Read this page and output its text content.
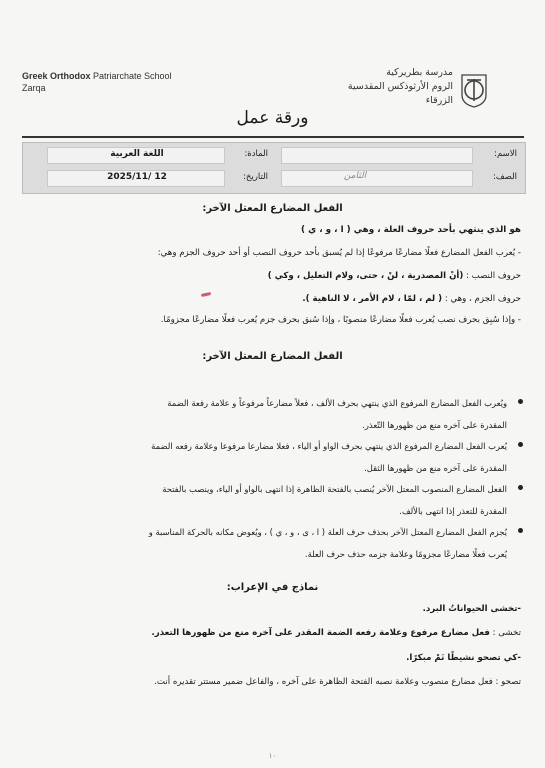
Greek Orthodox Patriarchate School
Zarqa
مدرسة بطريركية
الروم الأرثوذكس المقدسية
الزرقاء
ورقة عمل
الاسم:
المادة:
اللغة العربية
الصف:
الثامن
التاريخ:
2025/11/ 12
الفعل المضارع المعتل الآخر:
هو الذي ينتهي بأحد حروف العلة ، وهي ( ا ، و ، ي )
- يُعرب الفعل المضارع فعلًا مضارعًا مرفوعًا إذا لم يُسبق بأحد حروف النصب أو أحد حروف الجزم وهي:
حروف النصب : (أنْ المصدرية ، لنْ ، حتى، ولام التعليل ، وكي )
حروف الجزم ، وهي : ( لم ، لمّا ، لام الأمر ، لا الناهية ).
- وإذا سُبِق بحرف نصب يُعرب فعلًا مضارعًا منصوبًا ، وإذا سُبق بحرف جزم يُعرب فعلًا مضارعًا مجزومًا.
الفعل المضارع المعتل الآخر:
ويُعرب الفعل المضارع المرفوع الذي ينتهي بحرف الألف ، فعلاً مضارعاً مرفوعاً و علامة رفعة الضمة
المقدرة على آخره منع من ظهورها التّعذر.
يُعرب الفعل المضارع المرفوع الذي ينتهي بحرف الواو أو الياء ، فعلا مضارعا مرفوعا وعلامة رفعه الضمة
المقدرة على آخره منع من ظهورها الثقل.
الفعل المضارع المنصوب المعتل الآخر يُنصب بالفتحة الظاهرة إذا انتهى بالواو أو الياء، وينصب بالفتحة
المقدرة للتعذر إذا انتهى بالألف.
يُجزم الفعل المضارع المعتل الآخر بحذف حرف العلة ( ا ، ى ، و ، ي ) ، ويُعوض مكانه بالحركة المناسبة و
يُعرب فعلًا مضارعًا مجزومًا وعلامة جزمه حذف حرف العلة.
نماذج في الإعراب:
-تخشى الحيواناتُ البرد.
تخشى : فعل مضارع مرفوع وعلامة رفعه الضمة المقدر على آخره منع من ظهورها التعذر.
-كي تصحو نشيطًا نَمْ مبكرًا.
تصحو : فعل مضارع منصوب وعلامة نصبه الفتحة الظاهرة على آخره ، والفاعل ضمير مستتر تقديره أنت.
١٠
